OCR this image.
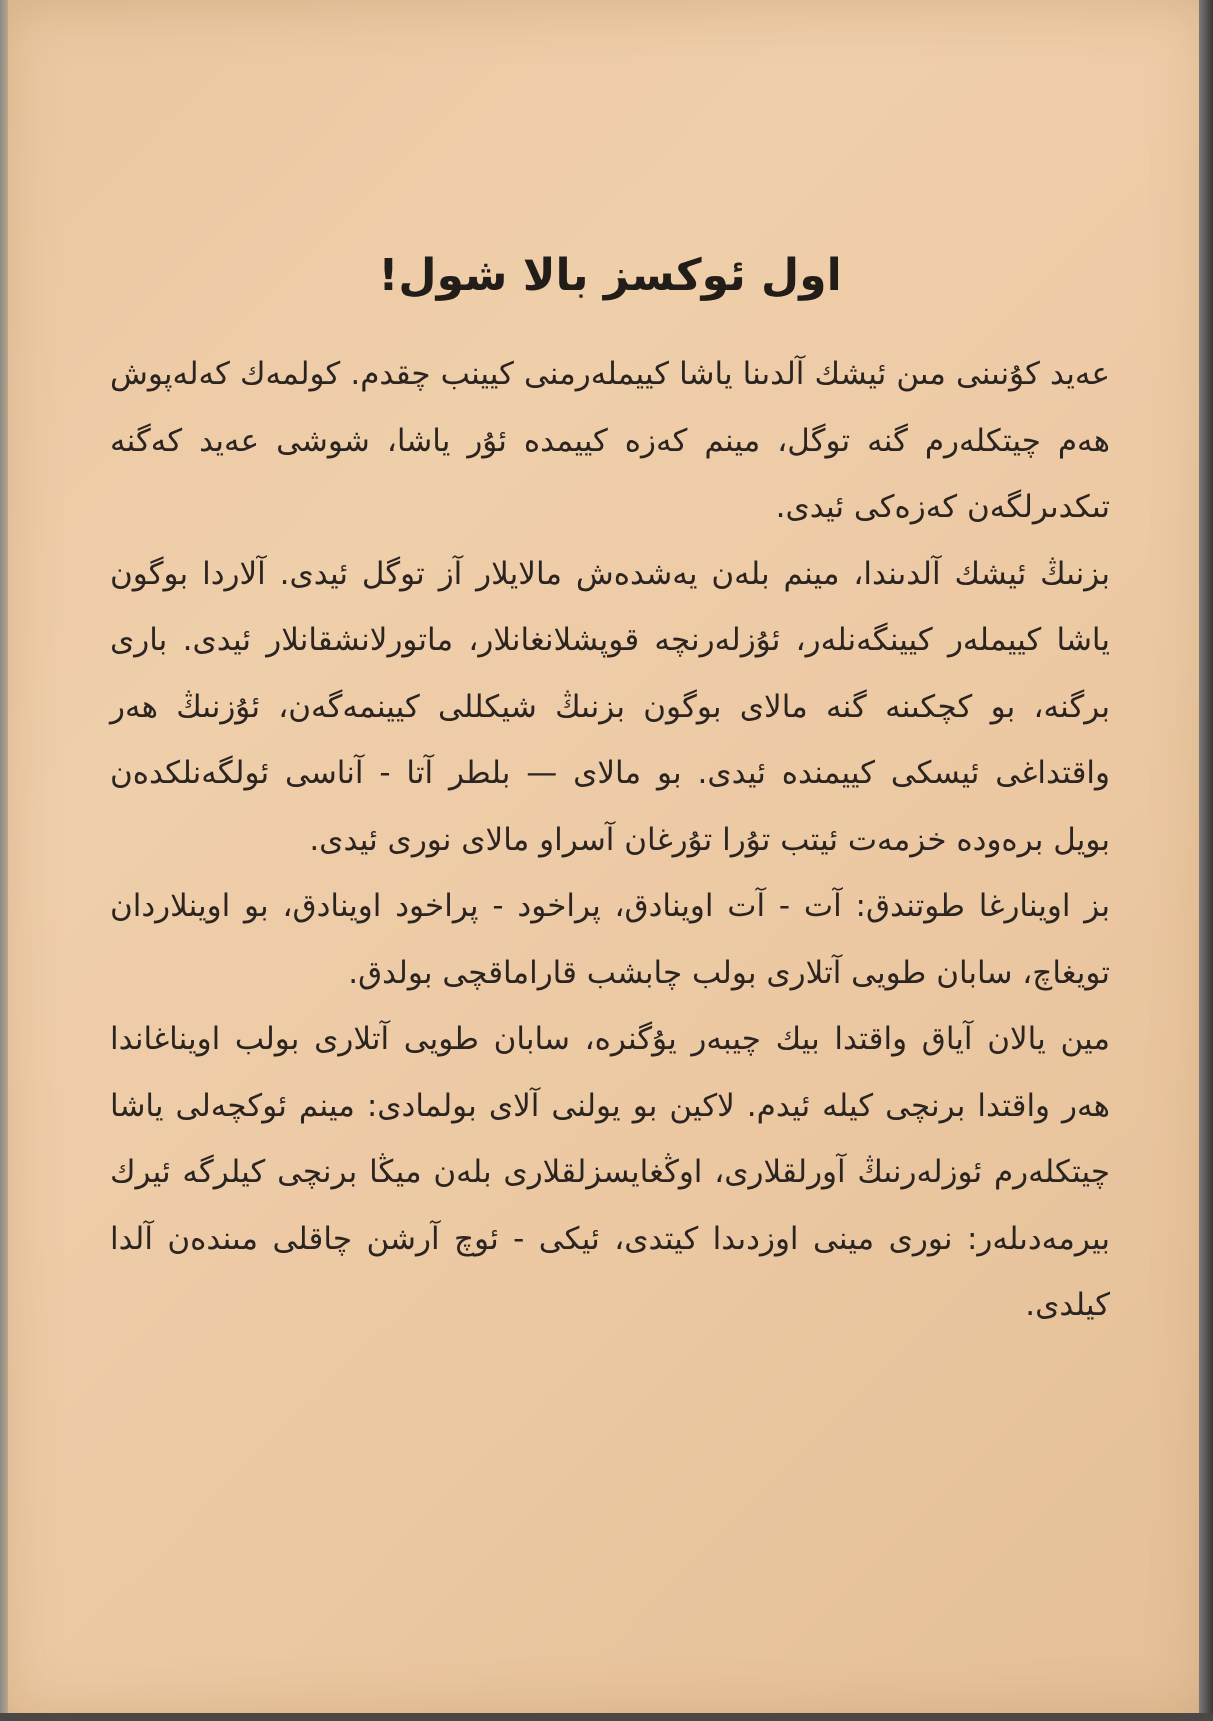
اول ئوكسز بالا شول!

عەيد كۇنىنى مىن ئيشك آلدىنا ياشا كييملەرمنى كيينب چقدم. كولمەك كەلەپوش هەم چيتكلەرم گنه توگل، مينم كەزە كييمدە ئۇر ياشا، شوشى عەيد كەگنە تىكدىرلگەن كەزەكى ئيدى.

بزنىڭ ئيشك آلدىندا، مينم بلەن يەشدەش مالايلار آز توگل ئيدى. آلاردا بوگون ياشا كييملەر كيينگەنلەر، ئۇزلەرنچە قوپشلانغانلار، ماتورلانشقانلار ئيدى. بارى برگنە، بو كچكىنە گنە مالاى بوگون بزنىڭ شيكللى كيينمەگەن، ئۇزنىڭ هەر واقتداغى ئيسكى كييمندە ئيدى. بو مالاى — بلطر آتا - آناسى ئولگەنلكدەن بويل برەودە خزمەت ئيتب تۇرا تۇرغان آسراو مالاى نورى ئيدى.

بز اوينارغا طوتندق: آت - آت اوينادق، پراخود - پراخود اوينادق، بو اوينلاردان تويغاچ، سابان طويى آتلارى بولب چابشب قاراماقچى بولدق.

مين يالان آياق واقتدا بيك چيبەر يۇگنرە، سابان طويى آتلارى بولب اويناغاندا هەر واقتدا برنچى كيلە ئيدم. لاكين بو يولنى آلاى بولمادى: مينم ئوكچەلى ياشا چيتكلەرم ئوزلەرنىڭ آورلقلارى، اوڭغايسزلقلارى بلەن ميڭا برنچى كيلرگە ئيرك بيرمەدىلەر: نورى مينى اوزدىدا كيتدى، ئيكى - ئوچ آرشن چاقلى مىندەن آلدا كيلدى.
